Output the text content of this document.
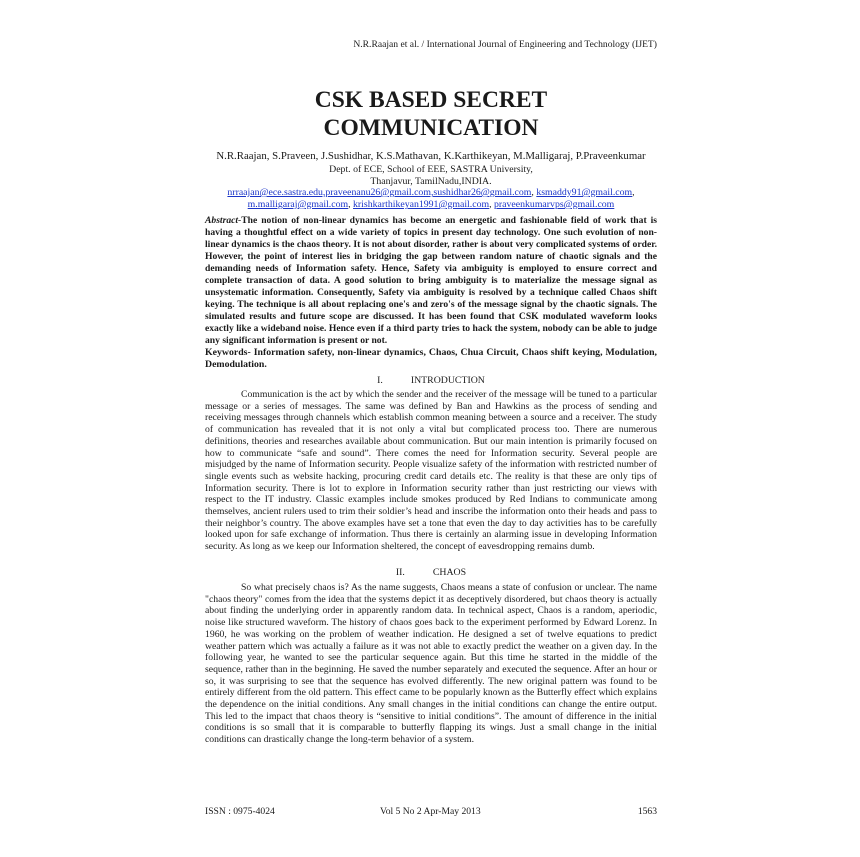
N.R.Raajan et al. / International Journal of Engineering and Technology (IJET)
CSK BASED SECRET
COMMUNICATION
N.R.Raajan, S.Praveen, J.Sushidhar, K.S.Mathavan, K.Karthikeyan, M.Malligaraj, P.Praveenkumar
Dept. of ECE, School of EEE, SASTRA University,
Thanjavur, TamilNadu,INDIA.
nrraajan@ece.sastra.edu,praveenanu26@gmail.com,sushidhar26@gmail.com, ksmaddy91@gmail.com,
m.malligaraj@gmail.com, krishkarthikeyan1991@gmail.com, praveenkumarvps@gmail.com

Abstract-The notion of non-linear dynamics has become an energetic and fashionable field of work that is having a thoughtful effect on a wide variety of topics in present day technology. One such evolution of non-linear dynamics is the chaos theory. It is not about disorder, rather is about very complicated systems of order. However, the point of interest lies in bridging the gap between random nature of chaotic signals and the demanding needs of Information safety. Hence, Safety via ambiguity is employed to ensure correct and complete transaction of data. A good solution to bring ambiguity is to materialize the message signal as unsystematic information. Consequently, Safety via ambiguity is resolved by a technique called Chaos shift keying. The technique is all about replacing one's and zero's of the message signal by the chaotic signals. The simulated results and future scope are discussed. It has been found that CSK modulated waveform looks exactly like a wideband noise. Hence even if a third party tries to hack the system, nobody can be able to judge any significant information is present or not.

Keywords- Information safety, non-linear dynamics, Chaos, Chua Circuit, Chaos shift keying, Modulation, Demodulation.

I.	INTRODUCTION

Communication is the act by which the sender and the receiver of the message will be tuned to a particular message or a series of messages. The same was defined by Ban and Hawkins as the process of sending and receiving messages through channels which establish common meaning between a source and a receiver. The study of communication has revealed that it is not only a vital but complicated process too. There are numerous definitions, theories and researches available about communication. But our main intention is primarily focused on how to communicate “safe and sound”. There comes the need for Information security. Several people are misjudged by the name of Information security. People visualize safety of the information with restricted number of single events such as website hacking, procuring credit card details etc. The reality is that these are only tips of Information security. There is lot to explore in Information security rather than just restricting our views with respect to the IT industry. Classic examples include smokes produced by Red Indians to communicate among themselves, ancient rulers used to trim their soldier’s head and inscribe the information onto their heads and pass to their neighbor’s country. The above examples have set a tone that even the day to day activities has to be carefully looked upon for safe exchange of information. Thus there is certainly an alarming issue in developing Information security. As long as we keep our Information sheltered, the concept of eavesdropping remains dumb.

II.	CHAOS

So what precisely chaos is? As the name suggests, Chaos means a state of confusion or unclear. The name "chaos theory" comes from the idea that the systems depict it as deceptively disordered, but chaos theory is actually about finding the underlying order in apparently random data. In technical aspect, Chaos is a random, aperiodic, noise like structured waveform. The history of chaos goes back to the experiment performed by Edward Lorenz. In 1960, he was working on the problem of weather indication. He designed a set of twelve equations to predict weather pattern which was actually a failure as it was not able to exactly predict the weather on a given day. In the following year, he wanted to see the particular sequence again. But this time he started in the middle of the sequence, rather than in the beginning. He saved the number separately and executed the sequence. After an hour or so, it was surprising to see that the sequence has evolved differently. The new original pattern was found to be entirely different from the old pattern. This effect came to be popularly known as the Butterfly effect which explains the dependence on the initial conditions. Any small changes in the initial conditions can change the entire output. This led to the impact that chaos theory is “sensitive to initial conditions”. The amount of difference in the initial conditions is so small that it is comparable to butterfly flapping its wings. Just a small change in the initial conditions can drastically change the long-term behavior of a system.

ISSN : 0975-4024	Vol 5 No 2 Apr-May 2013	1563
